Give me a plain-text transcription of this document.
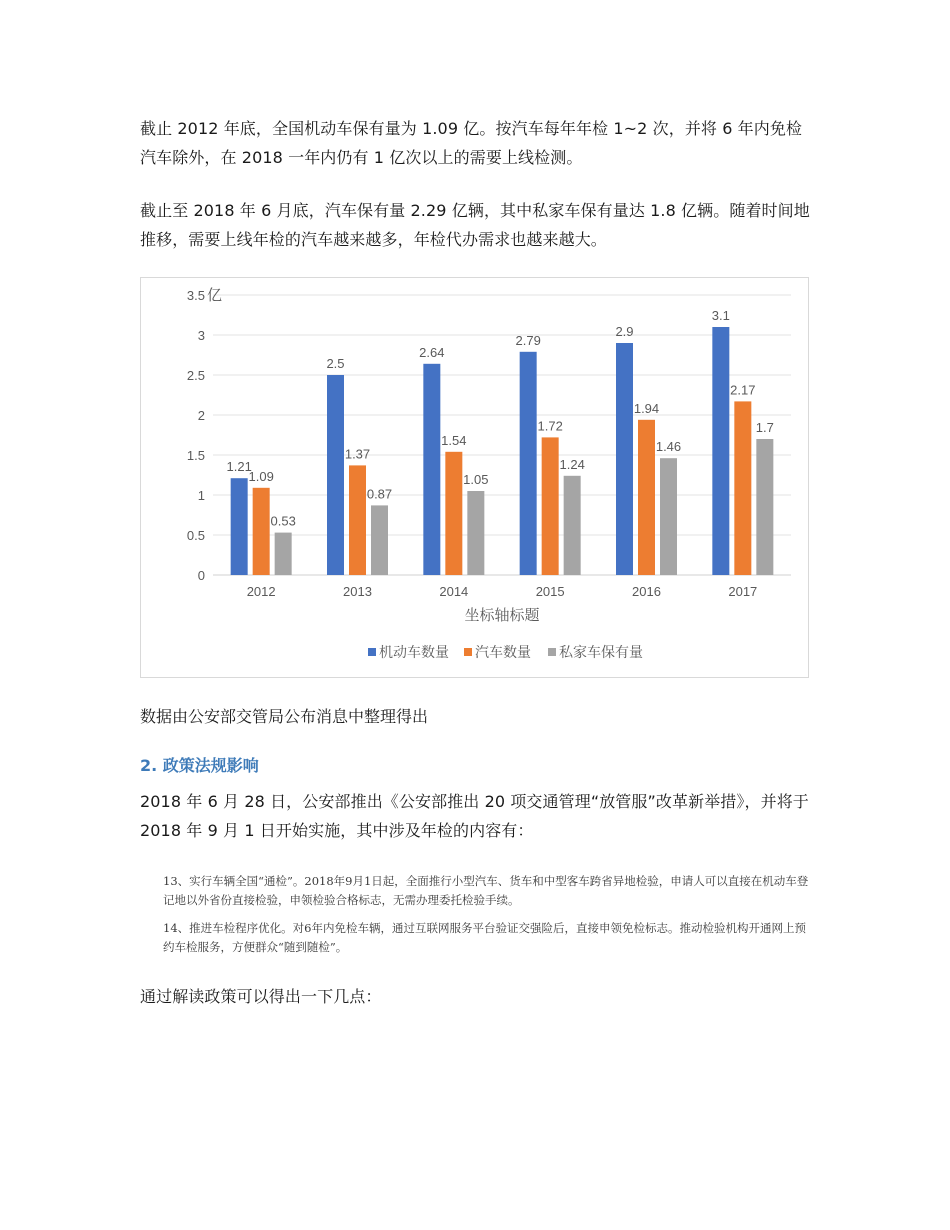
截止 2012 年底，全国机动车保有量为 1.09 亿。按汽车每年年检 1~2 次，并将 6 年内免检汽车除外，在 2018 一年内仍有 1 亿次以上的需要上线检测。
截止至 2018 年 6 月底，汽车保有量 2.29 亿辆，其中私家车保有量达 1.8 亿辆。随着时间地推移，需要上线年检的汽车越来越多，年检代办需求也越来越大。
0
0.5
1
1.5
2
2.5
3
3.5 亿
1.21
1.09
0.53
2012
2.5
1.37
0.87
2013
2.64
1.54
1.05
2014
2.79
1.72
1.24
2015
2.9
1.94
1.46
2016
3.1
2.17
1.7
2017
坐标轴标题
机动车数量 汽车数量 私家车保有量
数据由公安部交管局公布消息中整理得出
2. 政策法规影响
2018 年 6 月 28 日，公安部推出《公安部推出 20 项交通管理“放管服”改革新举措》，并将于 2018 年 9 月 1 日开始实施，其中涉及年检的内容有：
13、实行车辆全国“通检”。2018年9月1日起，全面推行小型汽车、货车和中型客车跨省异地检验，申请人可以直接在机动车登记地以外省份直接检验，申领检验合格标志，无需办理委托检验手续。
14、推进车检程序优化。对6年内免检车辆，通过互联网服务平台验证交强险后，直接申领免检标志。推动检验机构开通网上预约车检服务，方便群众“随到随检”。
通过解读政策可以得出一下几点：
